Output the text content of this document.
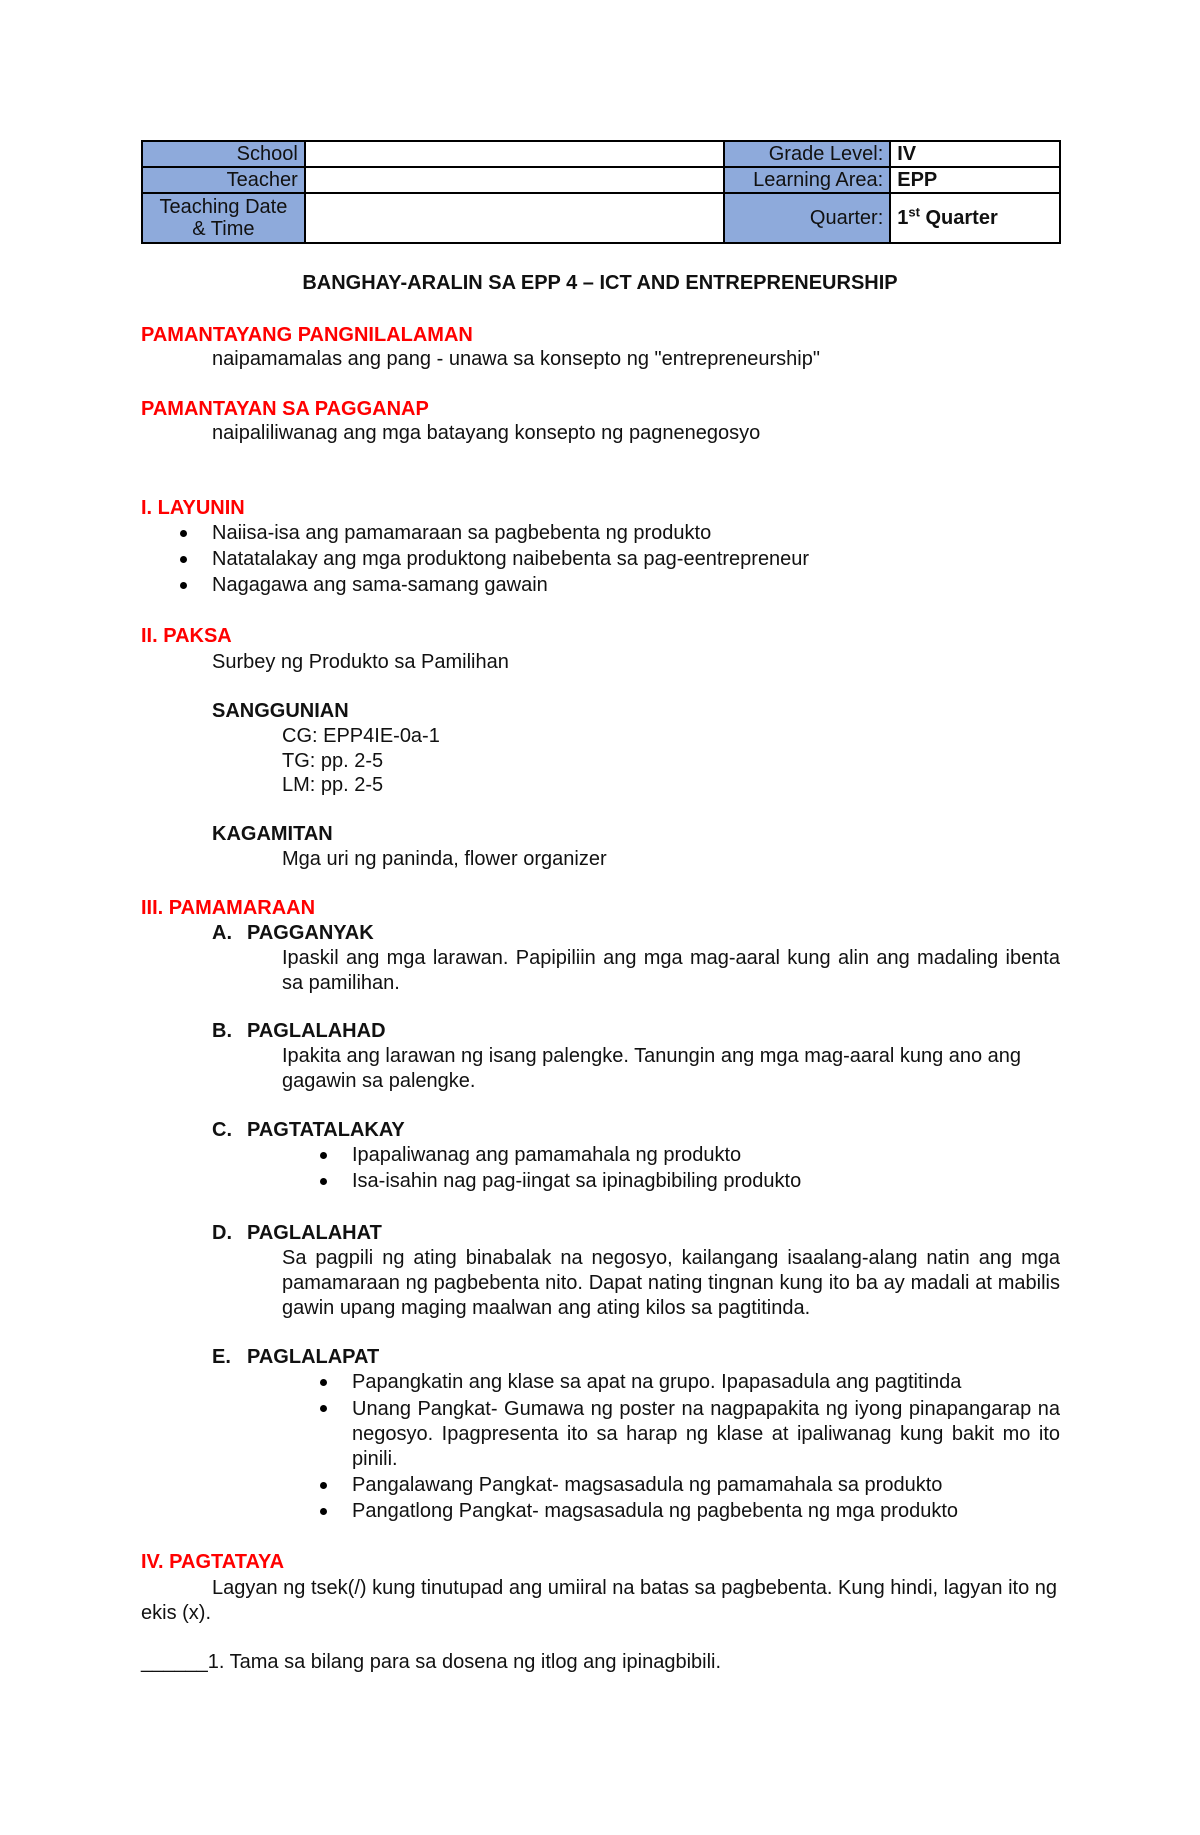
School		Grade Level:	IV
Teacher		Learning Area:	EPP

Teaching Date
& Time		Quarter:	1st Quarter
BANGHAY-ARALIN SA EPP 4 – ICT AND ENTREPRENEURSHIP
PAMANTAYANG PANGNILALAMAN
naipamamalas ang pang - unawa sa konsepto ng "entrepreneurship"
PAMANTAYAN SA PAGGANAP
naipaliliwanag ang mga batayang konsepto ng pagnenegosyo
I. LAYUNIN
Naiisa-isa ang pamamaraan sa pagbebenta ng produkto
Natatalakay ang mga produktong naibebenta sa pag-eentrepreneur
Nagagawa ang sama-samang gawain
II. PAKSA
Surbey ng Produkto sa Pamilihan
SANGGUNIAN
CG: EPP4IE-0a-1
TG: pp. 2-5
LM: pp. 2-5
KAGAMITAN
Mga uri ng paninda, flower organizer
III. PAMAMARAAN
A. PAGGANYAK
Ipaskil ang mga larawan. Papipiliin ang mga mag-aaral kung alin ang madaling ibenta sa pamilihan.
B. PAGLALAHAD
Ipakita ang larawan ng isang palengke. Tanungin ang mga mag-aaral kung ano ang gagawin sa palengke.
C. PAGTATALAKAY
Ipapaliwanag ang pamamahala ng produkto
Isa-isahin nag pag-iingat sa ipinagbibiling produkto
D. PAGLALAHAT
Sa pagpili ng ating binabalak na negosyo, kailangang isaalang-alang natin ang mga pamamaraan ng pagbebenta nito. Dapat nating tingnan kung ito ba ay madali at mabilis gawin upang maging maalwan ang ating kilos sa pagtitinda.
E. PAGLALAPAT
Papangkatin ang klase sa apat na grupo. Ipapasadula ang pagtitinda
Unang Pangkat- Gumawa ng poster na nagpapakita ng iyong pinapangarap na negosyo. Ipagpresenta ito sa harap ng klase at ipaliwanag kung bakit mo ito pinili.
Pangalawang Pangkat- magsasadula ng pamamahala sa produkto
Pangatlong Pangkat- magsasadula ng pagbebenta ng mga produkto
IV. PAGTATAYA
Lagyan ng tsek(/) kung tinutupad ang umiiral na batas sa pagbebenta. Kung hindi, lagyan ito ng ekis (x).
______1. Tama sa bilang para sa dosena ng itlog ang ipinagbibili.
